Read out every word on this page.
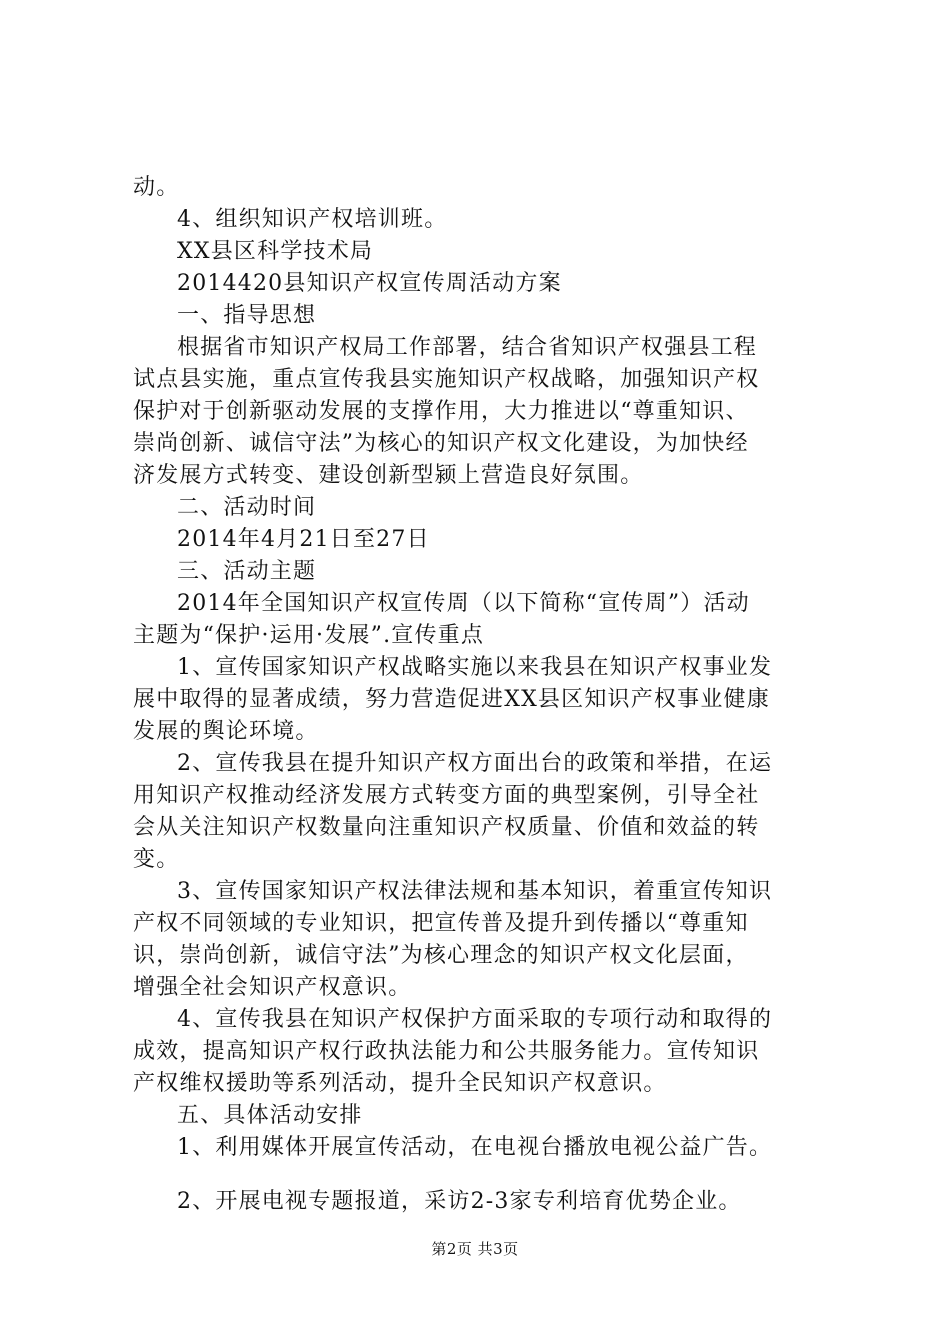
动。
4、组织知识产权培训班。
XX县区科学技术局
2014420县知识产权宣传周活动方案
一、指导思想
根据省市知识产权局工作部署，结合省知识产权强县工程
试点县实施，重点宣传我县实施知识产权战略，加强知识产权
保护对于创新驱动发展的支撑作用，大力推进以“尊重知识、
崇尚创新、诚信守法”为核心的知识产权文化建设，为加快经
济发展方式转变、建设创新型颍上营造良好氛围。
二、活动时间
2014年4月21日至27日
三、活动主题
2014年全国知识产权宣传周（以下简称“宣传周”）活动
主题为“保护·运用·发展”.宣传重点
1、宣传国家知识产权战略实施以来我县在知识产权事业发
展中取得的显著成绩，努力营造促进XX县区知识产权事业健康
发展的舆论环境。
2、宣传我县在提升知识产权方面出台的政策和举措，在运
用知识产权推动经济发展方式转变方面的典型案例，引导全社
会从关注知识产权数量向注重知识产权质量、价值和效益的转
变。
3、宣传国家知识产权法律法规和基本知识，着重宣传知识
产权不同领域的专业知识，把宣传普及提升到传播以“尊重知
识，崇尚创新，诚信守法”为核心理念的知识产权文化层面，
增强全社会知识产权意识。
4、宣传我县在知识产权保护方面采取的专项行动和取得的
成效，提高知识产权行政执法能力和公共服务能力。宣传知识
产权维权援助等系列活动，提升全民知识产权意识。
五、具体活动安排
1、利用媒体开展宣传活动，在电视台播放电视公益广告。
2、开展电视专题报道，采访2-3家专利培育优势企业。
第2页 共3页
